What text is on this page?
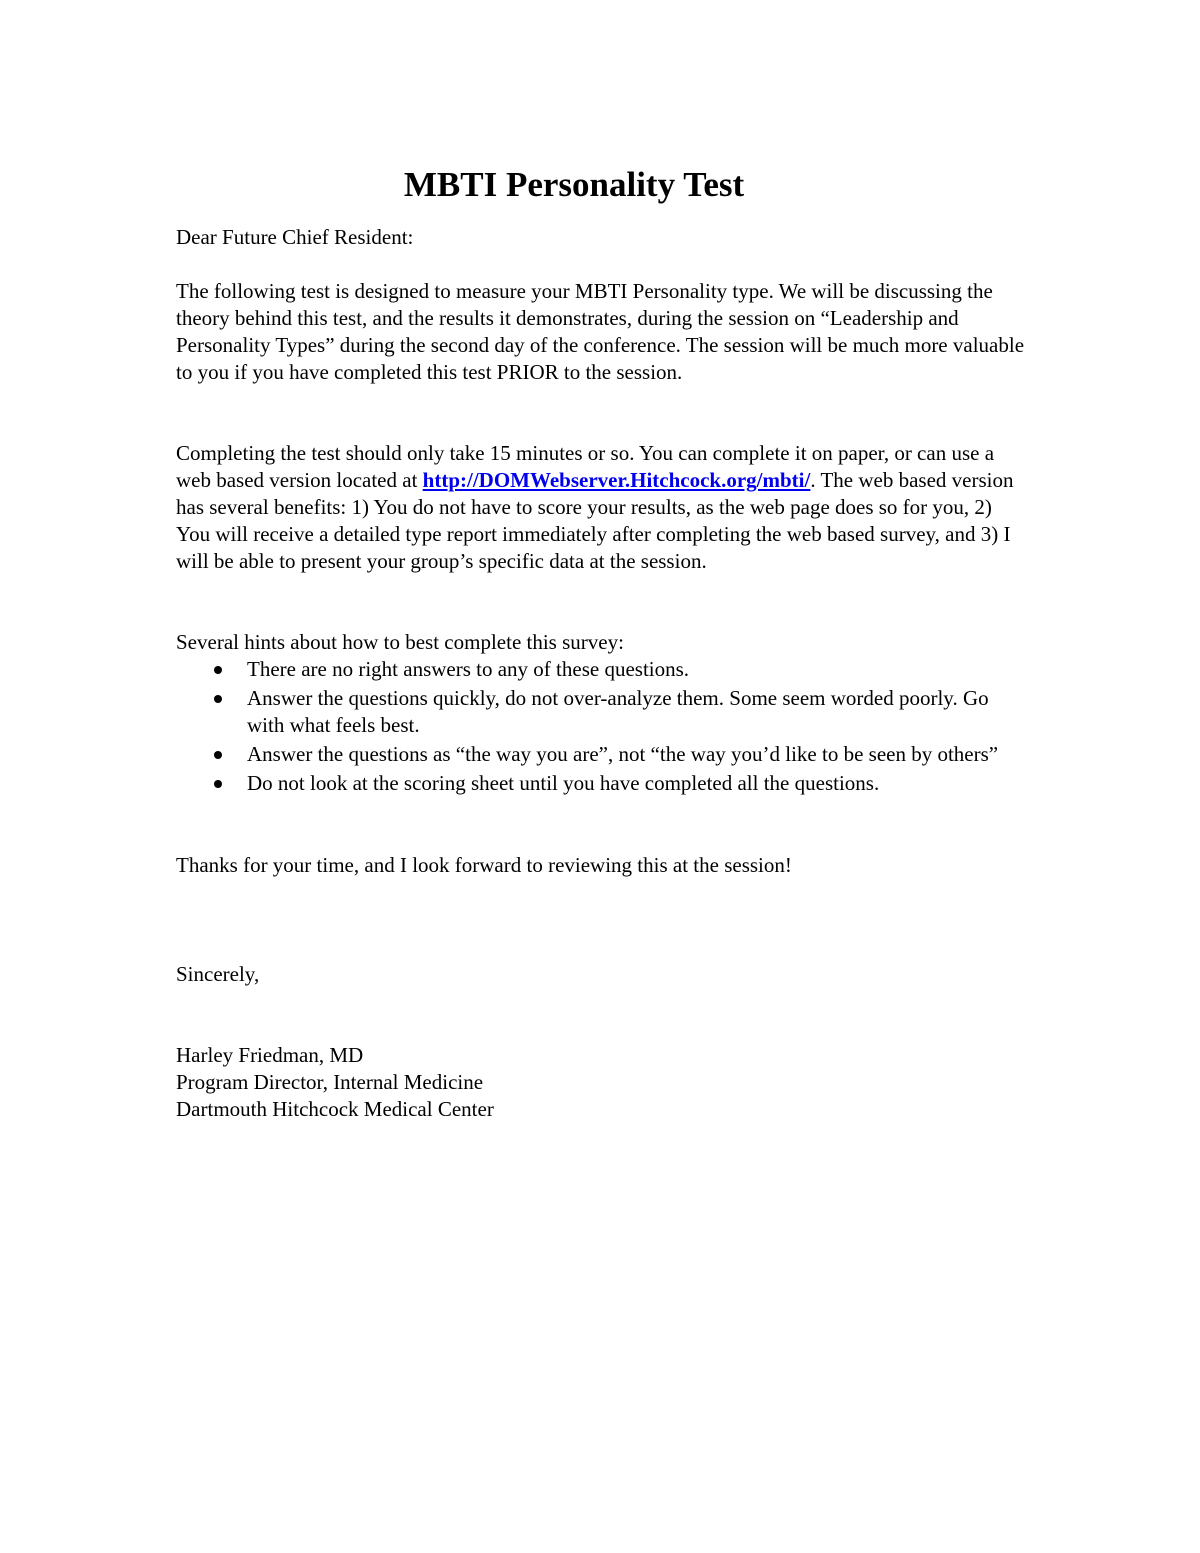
MBTI Personality Test

Dear Future Chief Resident:

The following test is designed to measure your MBTI Personality type. We will be discussing the theory behind this test, and the results it demonstrates, during the session on “Leadership and Personality Types” during the second day of the conference. The session will be much more valuable to you if you have completed this test PRIOR to the session.

Completing the test should only take 15 minutes or so. You can complete it on paper, or can use a web based version located at http://DOMWebserver.Hitchcock.org/mbti/. The web based version has several benefits: 1) You do not have to score your results, as the web page does so for you, 2) You will receive a detailed type report immediately after completing the web based survey, and 3) I will be able to present your group’s specific data at the session.

Several hints about how to best complete this survey:

There are no right answers to any of these questions.
Answer the questions quickly, do not over-analyze them. Some seem worded poorly. Go with what feels best.
Answer the questions as “the way you are”, not “the way you’d like to be seen by others”
Do not look at the scoring sheet until you have completed all the questions.

Thanks for your time, and I look forward to reviewing this at the session!

Sincerely,

Harley Friedman, MD

Program Director, Internal Medicine

Dartmouth Hitchcock Medical Center
